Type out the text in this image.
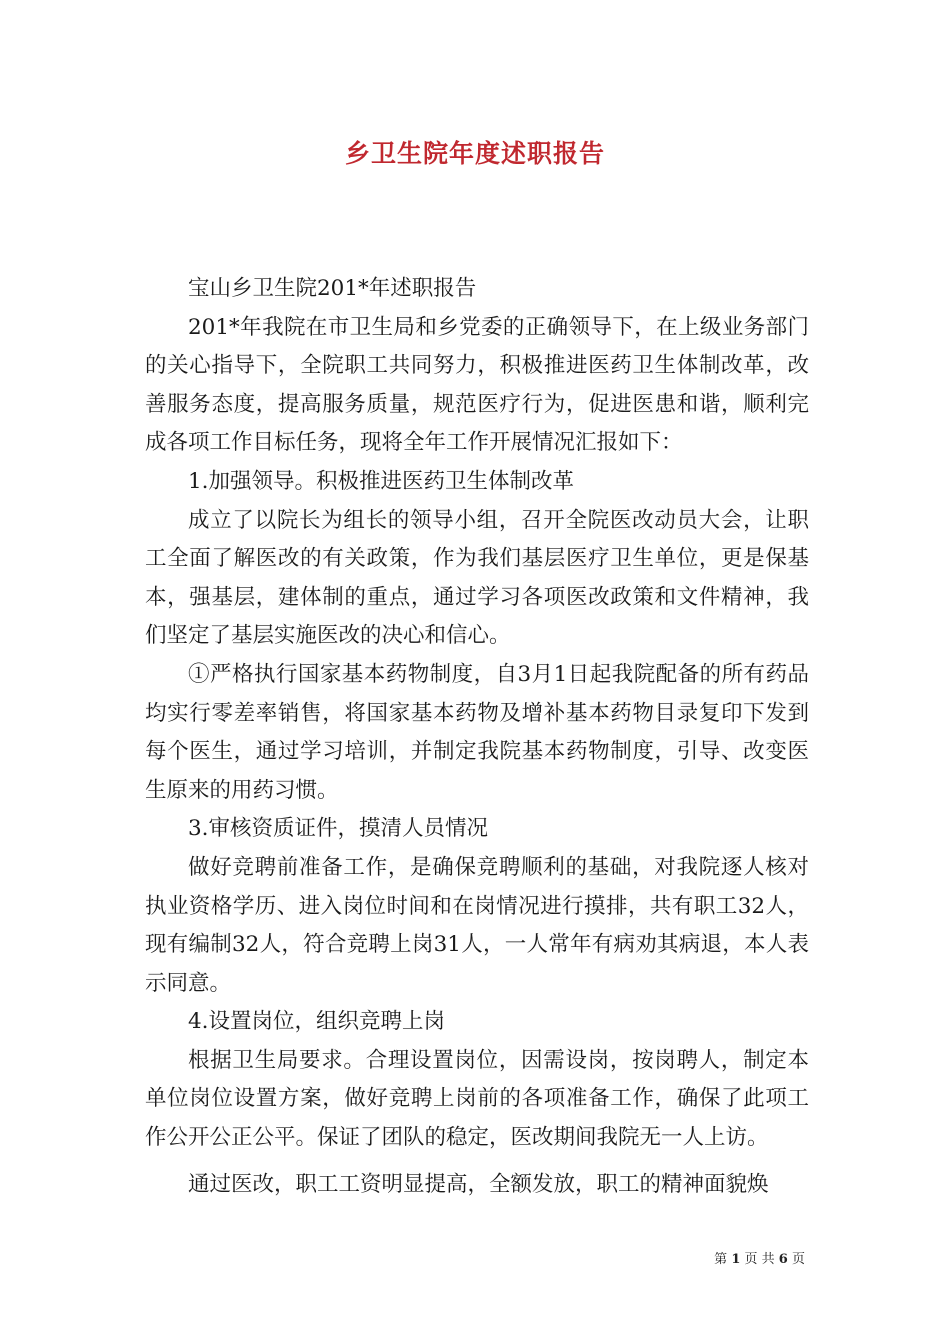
乡卫生院年度述职报告

宝山乡卫生院201*年述职报告

201*年我院在市卫生局和乡党委的正确领导下，在上级业务部门的关心指导下，全院职工共同努力，积极推进医药卫生体制改革，改善服务态度，提高服务质量，规范医疗行为，促进医患和谐，顺利完成各项工作目标任务，现将全年工作开展情况汇报如下：

1.加强领导。积极推进医药卫生体制改革

成立了以院长为组长的领导小组，召开全院医改动员大会，让职工全面了解医改的有关政策，作为我们基层医疗卫生单位，更是保基本，强基层，建体制的重点，通过学习各项医改政策和文件精神，我们坚定了基层实施医改的决心和信心。

①严格执行国家基本药物制度，自3月1日起我院配备的所有药品均实行零差率销售，将国家基本药物及增补基本药物目录复印下发到每个医生，通过学习培训，并制定我院基本药物制度，引导、改变医生原来的用药习惯。

3.审核资质证件，摸清人员情况

做好竞聘前准备工作，是确保竞聘顺利的基础，对我院逐人核对执业资格学历、进入岗位时间和在岗情况进行摸排，共有职工32人，现有编制32人，符合竞聘上岗31人，一人常年有病劝其病退，本人表示同意。

4.设置岗位，组织竞聘上岗

根据卫生局要求。合理设置岗位，因需设岗，按岗聘人，制定本单位岗位设置方案，做好竞聘上岗前的各项准备工作，确保了此项工作公开公正公平。保证了团队的稳定，医改期间我院无一人上访。

通过医改，职工工资明显提高，全额发放，职工的精神面貌焕

第 1 页 共 6 页
